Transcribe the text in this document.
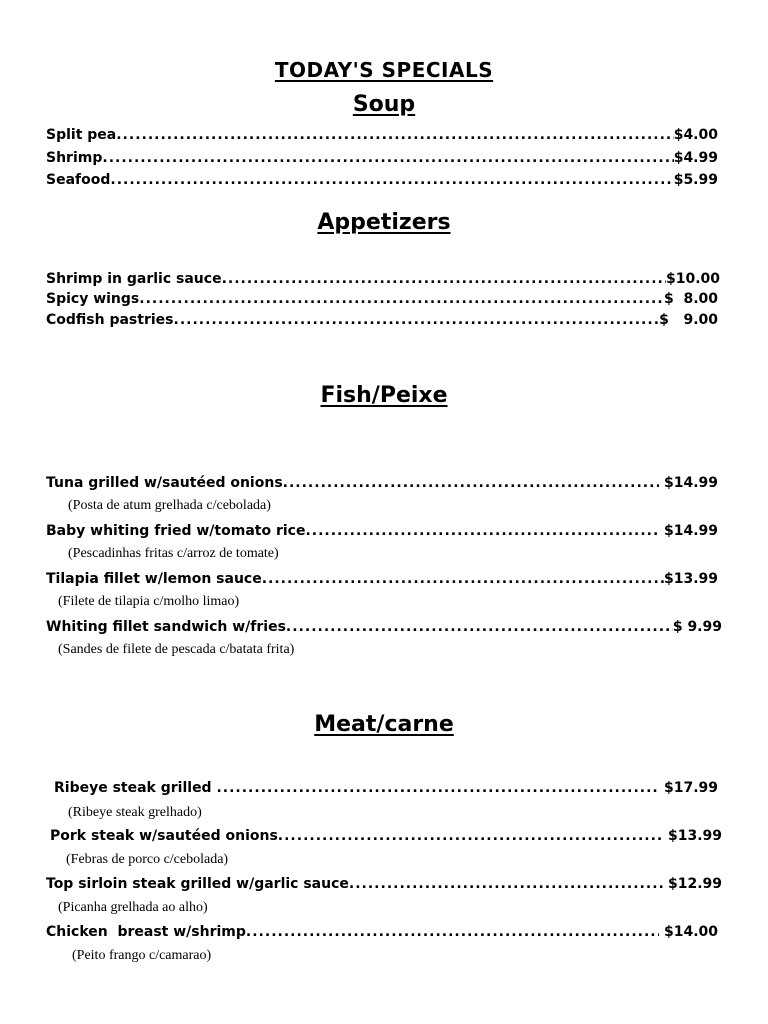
TODAY'S SPECIALS
Soup
Split pea .....	$4.00
Shrimp .....	$4.99
Seafood .....	$5.99
Appetizers
Shrimp in garlic sauce .....	$10.00
Spicy wings .....	$  8.00
Codfish pastries .....	$   9.00
Fish/Peixe
Tuna grilled w/sautéed onions .....	$14.99
(Posta de atum grelhada c/cebolada)
Baby whiting fried w/tomato rice .....	$14.99
(Pescadinhas fritas c/arroz de tomate)
Tilapia fillet w/lemon sauce .....	$13.99
(Filete de tilapia c/molho limao)
Whiting fillet sandwich w/fries .....	$ 9.99
(Sandes de filete de pescada c/batata frita)
Meat/carne
Ribeye steak grilled .....	$17.99
(Ribeye steak grelhado)
Pork steak w/sautéed onions .....	$13.99
(Febras de porco c/cebolada)
Top sirloin steak grilled w/garlic sauce .....	$12.99
(Picanha grelhada ao alho)
Chicken  breast w/shrimp .....	$14.00
(Peito frango c/camarao)
